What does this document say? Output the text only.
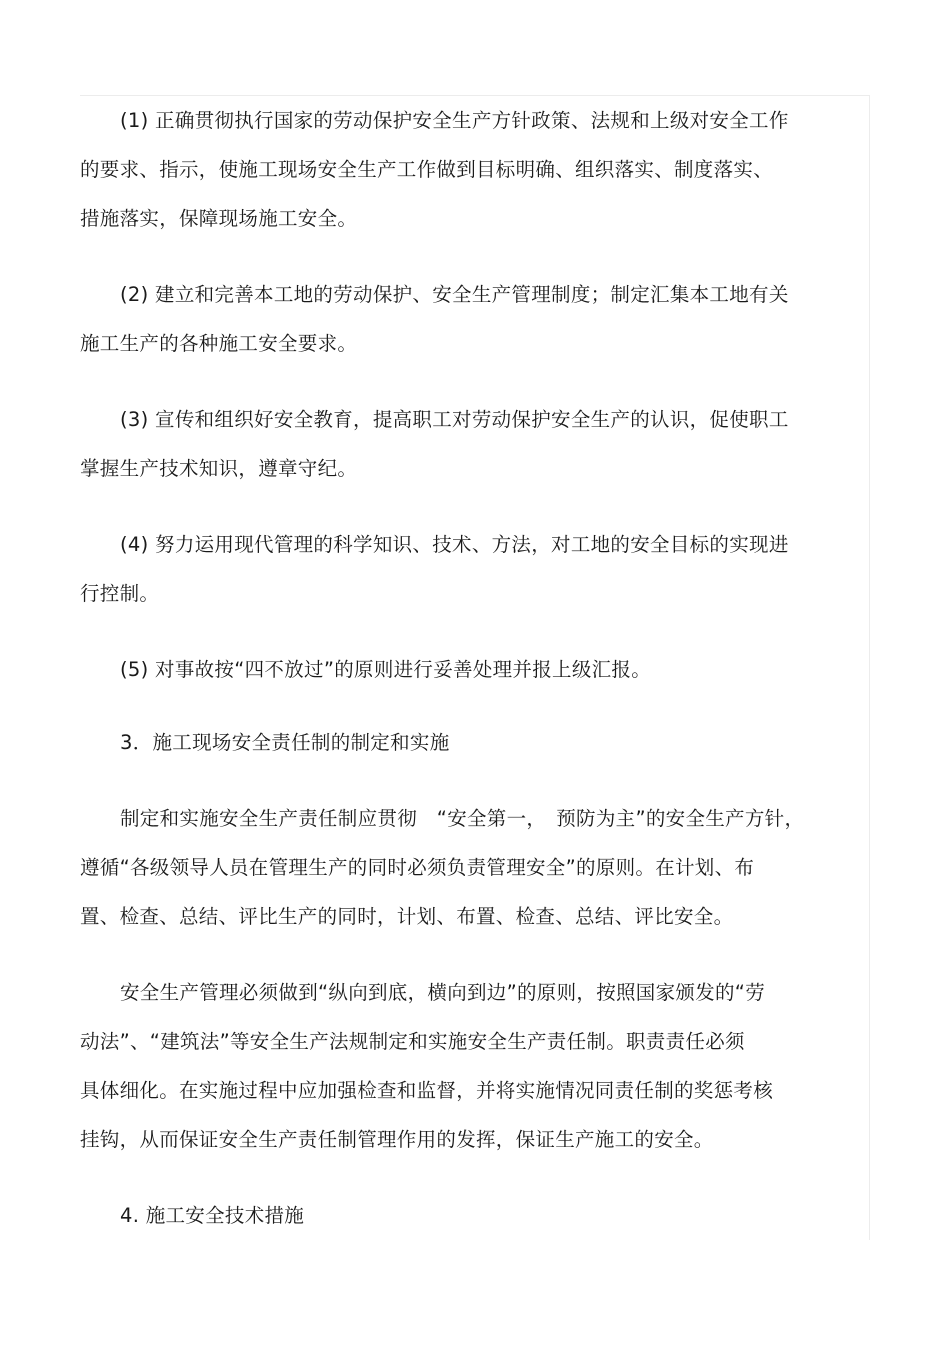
(1) 正确贯彻执行国家的劳动保护安全生产方针政策、法规和上级对安全工作
的要求、指示，使施工现场安全生产工作做到目标明确、组织落实、制度落实、
措施落实，保障现场施工安全。
(2) 建立和完善本工地的劳动保护、安全生产管理制度；制定汇集本工地有关
施工生产的各种施工安全要求。
(3) 宣传和组织好安全教育，提高职工对劳动保护安全生产的认识，促使职工
掌握生产技术知识，遵章守纪。
(4) 努力运用现代管理的科学知识、技术、方法，对工地的安全目标的实现进
行控制。
(5) 对事故按“四不放过”的原则进行妥善处理并报上级汇报。
3．施工现场安全责任制的制定和实施
制定和实施安全生产责任制应贯彻　“安全第一，　预防为主”的安全生产方针，
遵循“各级领导人员在管理生产的同时必须负责管理安全”的原则。在计划、布
置、检查、总结、评比生产的同时，计划、布置、检查、总结、评比安全。
安全生产管理必须做到“纵向到底，横向到边”的原则，按照国家颁发的“劳
动法”、“建筑法”等安全生产法规制定和实施安全生产责任制。职责责任必须
具体细化。在实施过程中应加强检查和监督，并将实施情况同责任制的奖惩考核
挂钩，从而保证安全生产责任制管理作用的发挥，保证生产施工的安全。
4. 施工安全技术措施
